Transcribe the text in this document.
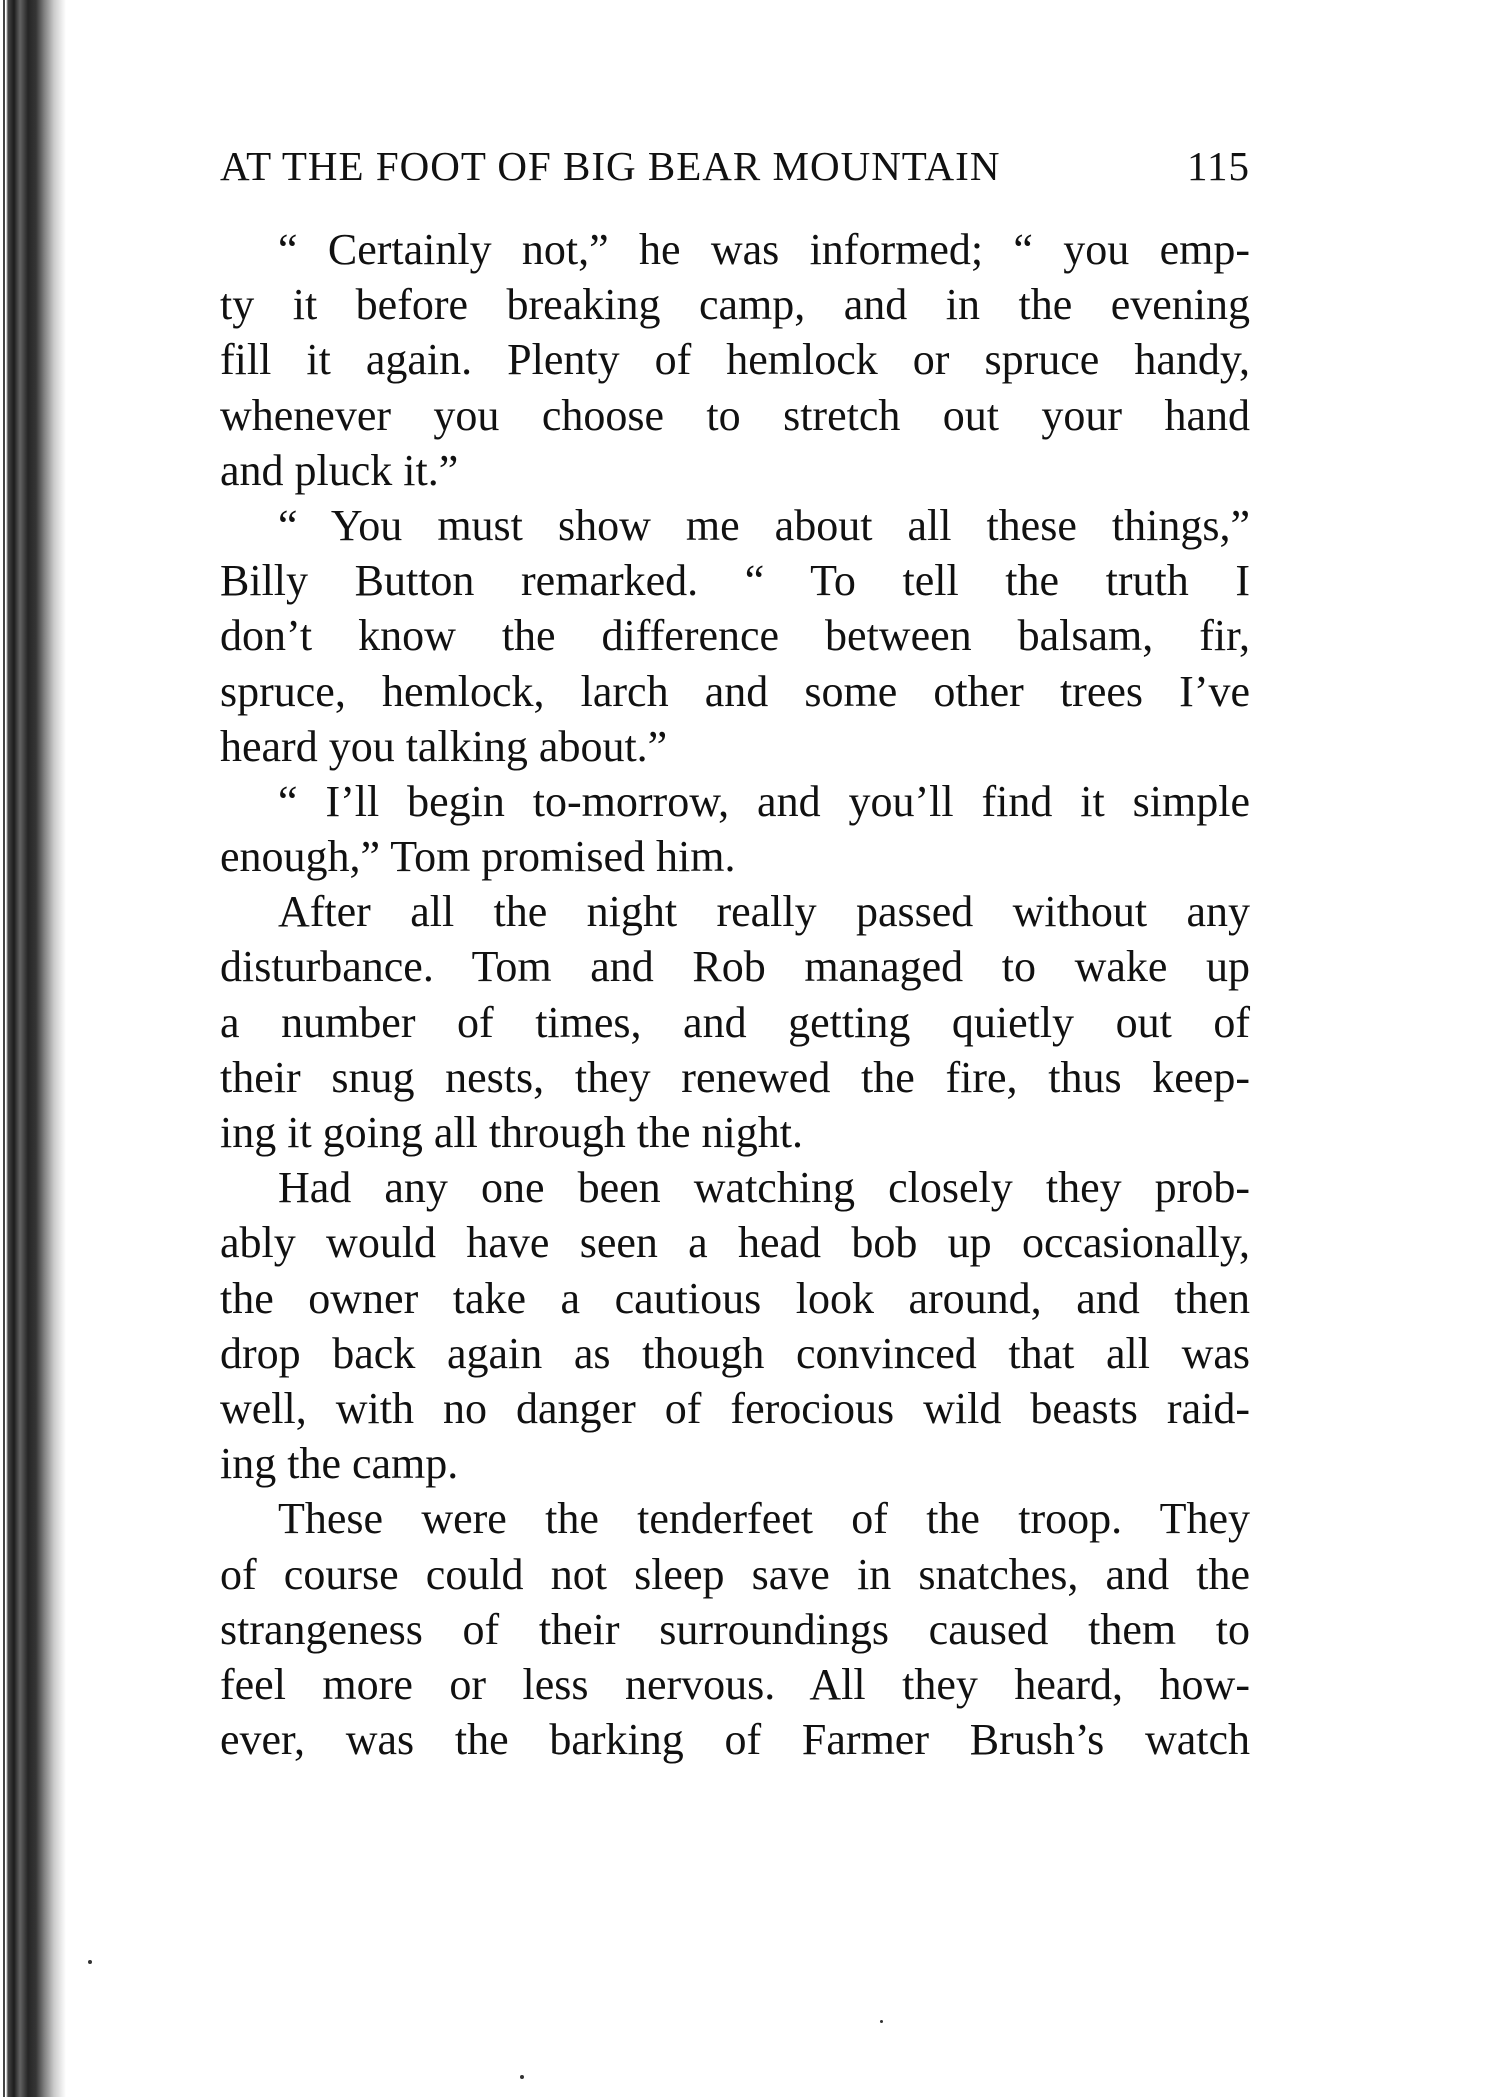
AT THE FOOT OF BIG BEAR MOUNTAIN	115
“ Certainly not,” he was informed; “ you emp-
ty it before breaking camp, and in the evening
fill it again. Plenty of hemlock or spruce handy,
whenever you choose to stretch out your hand
and pluck it.”
“ You must show me about all these things,”
Billy Button remarked. “ To tell the truth I
don’t know the difference between balsam, fir,
spruce, hemlock, larch and some other trees I’ve
heard you talking about.”
“ I’ll begin to-morrow, and you’ll find it simple
enough,” Tom promised him.
After all the night really passed without any
disturbance. Tom and Rob managed to wake up
a number of times, and getting quietly out of
their snug nests, they renewed the fire, thus keep-
ing it going all through the night.
Had any one been watching closely they prob-
ably would have seen a head bob up occasionally,
the owner take a cautious look around, and then
drop back again as though convinced that all was
well, with no danger of ferocious wild beasts raid-
ing the camp.
These were the tenderfeet of the troop. They
of course could not sleep save in snatches, and the
strangeness of their surroundings caused them to
feel more or less nervous. All they heard, how-
ever, was the barking of Farmer Brush’s watch
